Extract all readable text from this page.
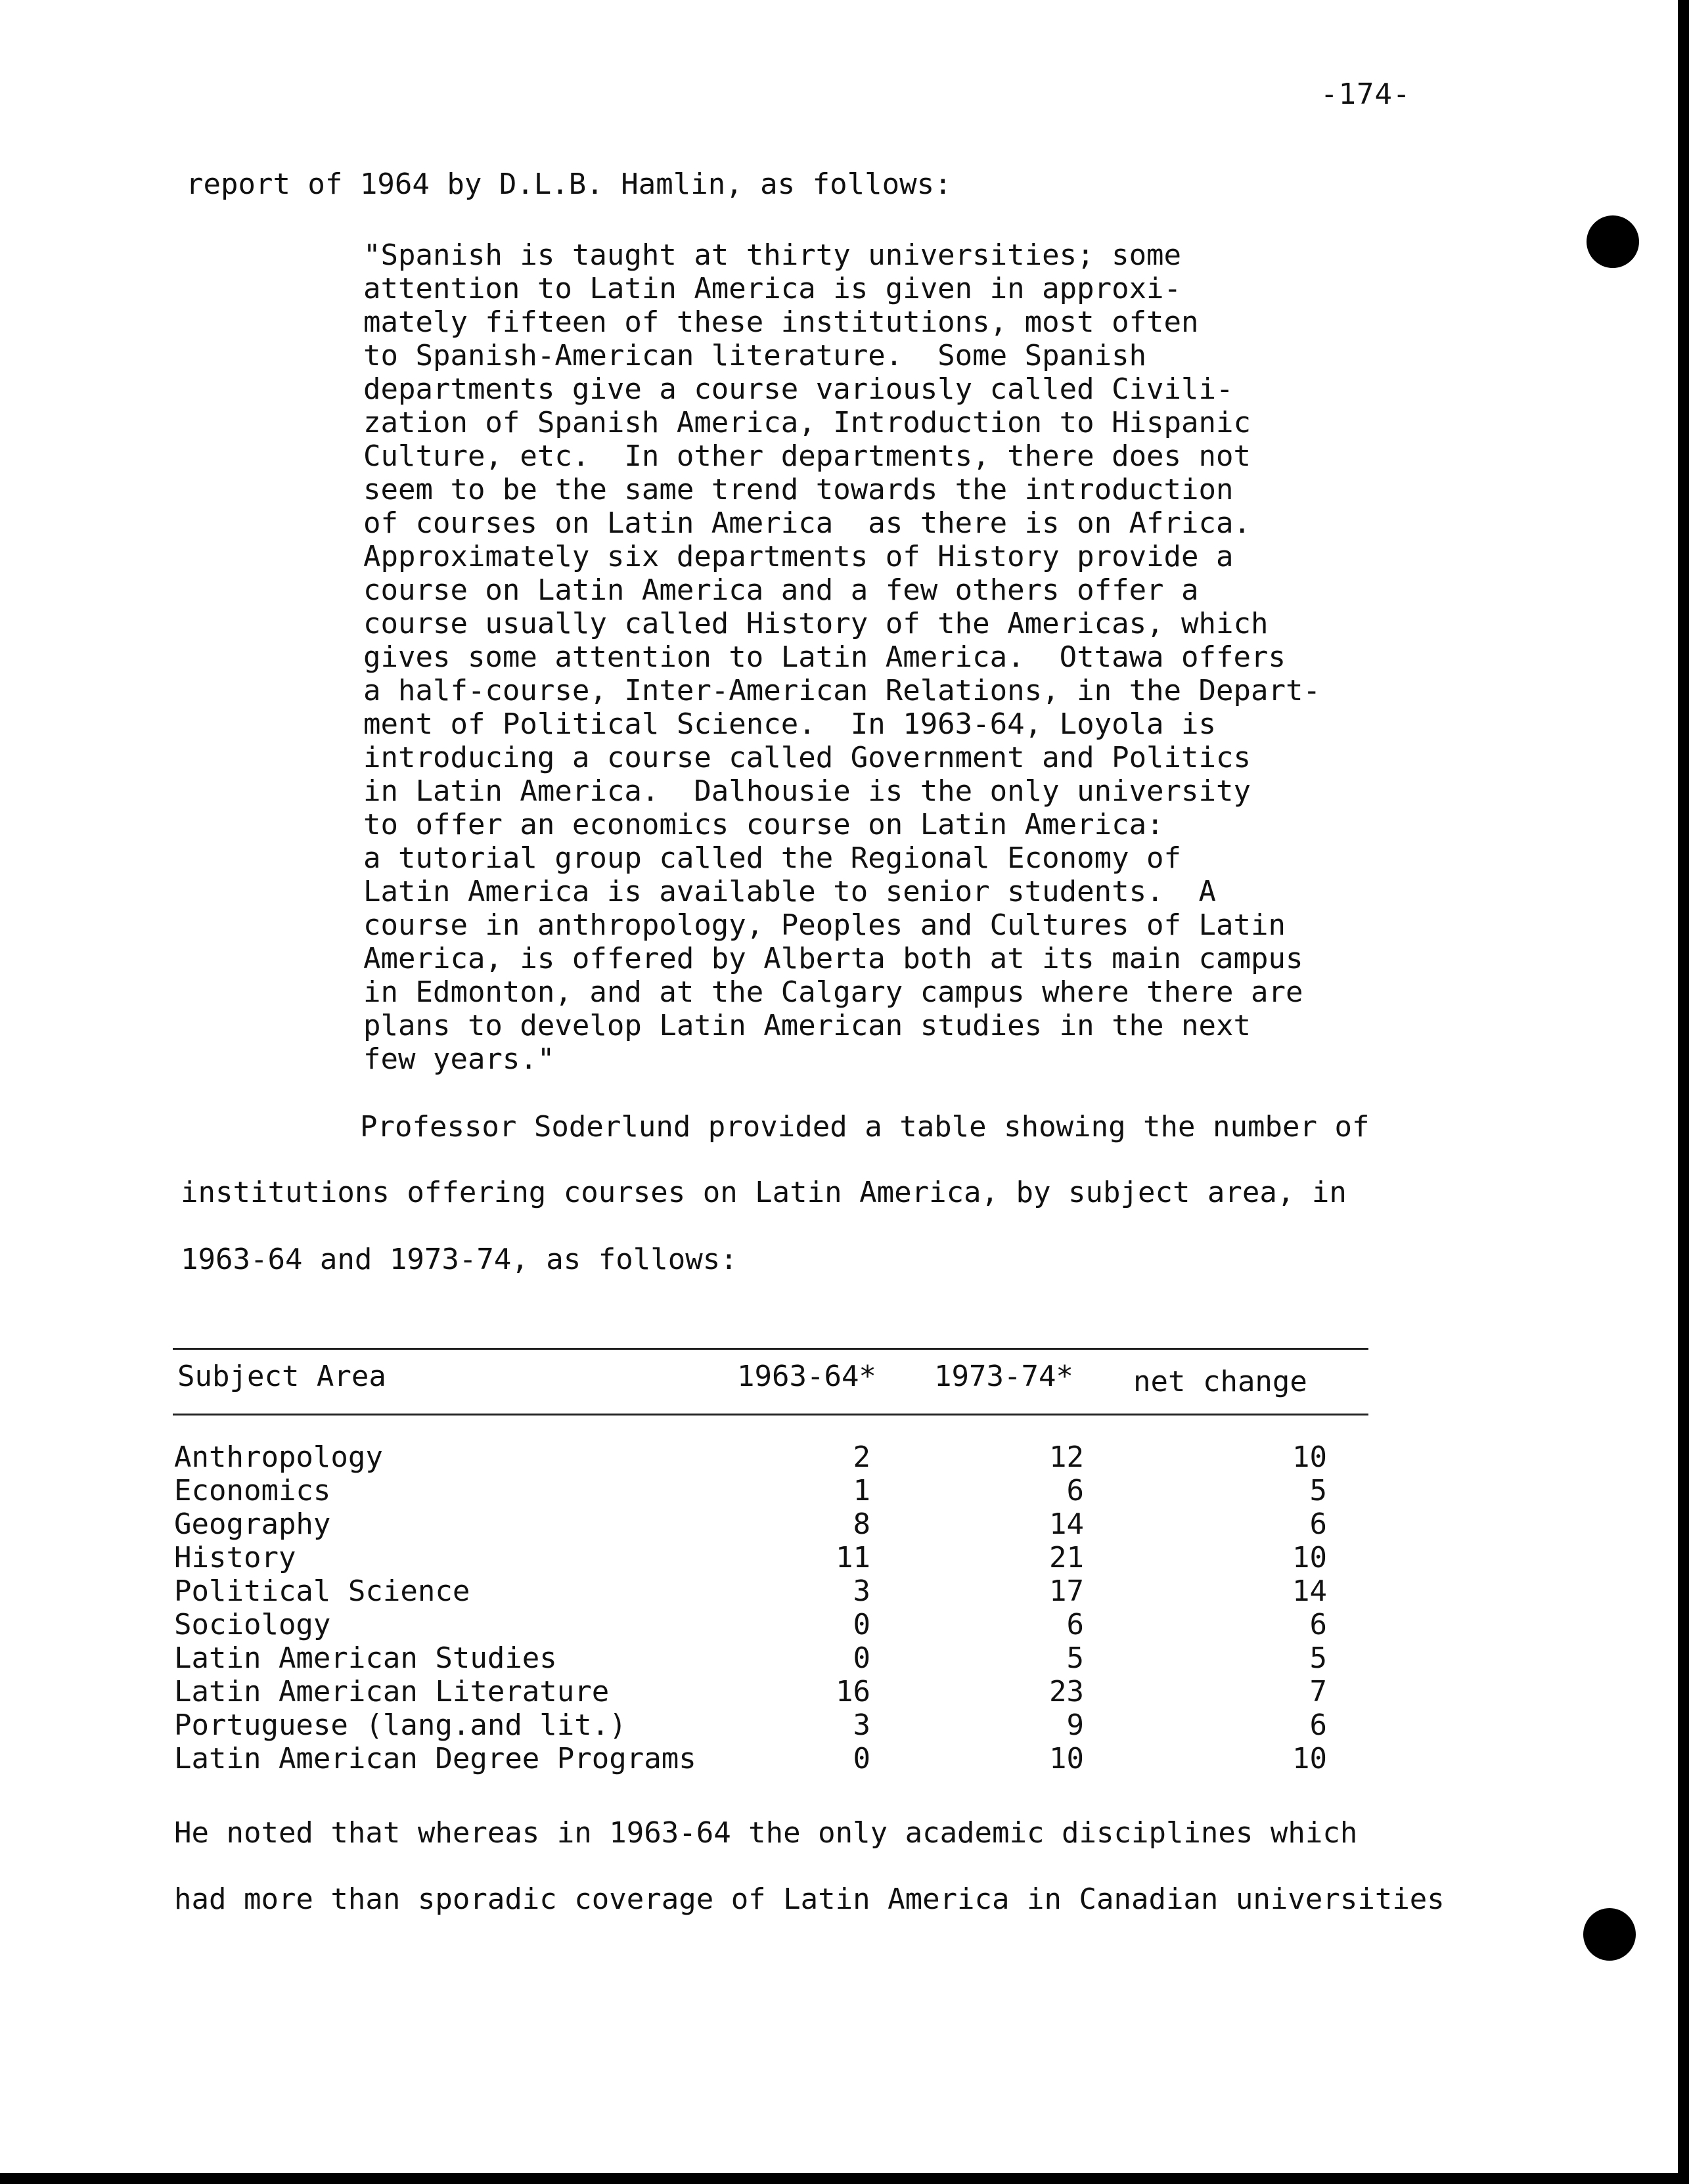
-174-
report of 1964 by D.L.B. Hamlin, as follows:
"Spanish is taught at thirty universities; some
attention to Latin America is given in approxi-
mately fifteen of these institutions, most often
to Spanish-American literature.  Some Spanish
departments give a course variously called Civili-
zation of Spanish America, Introduction to Hispanic
Culture, etc.  In other departments, there does not
seem to be the same trend towards the introduction
of courses on Latin America  as there is on Africa.
Approximately six departments of History provide a
course on Latin America and a few others offer a
course usually called History of the Americas, which
gives some attention to Latin America.  Ottawa offers
a half-course, Inter-American Relations, in the Depart-
ment of Political Science.  In 1963-64, Loyola is
introducing a course called Government and Politics
in Latin America.  Dalhousie is the only university
to offer an economics course on Latin America:
a tutorial group called the Regional Economy of
Latin America is available to senior students.  A
course in anthropology, Peoples and Cultures of Latin
America, is offered by Alberta both at its main campus
in Edmonton, and at the Calgary campus where there are
plans to develop Latin American studies in the next
few years."
Professor Soderlund provided a table showing the number of
institutions offering courses on Latin America, by subject area, in
1963-64 and 1973-74, as follows:
Subject Area	1963-64* 1973-74* net change
Anthropology	2	12	10
Economics	1	6	5
Geography	8	14	6
History	11	21	10
Political Science	3	17	14
Sociology	0	6	6
Latin American Studies	0	5	5
Latin American Literature	16	23	7
Portuguese (lang.and lit.)	3	9	6
Latin American Degree Programs	0	10	10
He noted that whereas in 1963-64 the only academic disciplines which
had more than sporadic coverage of Latin America in Canadian universities
